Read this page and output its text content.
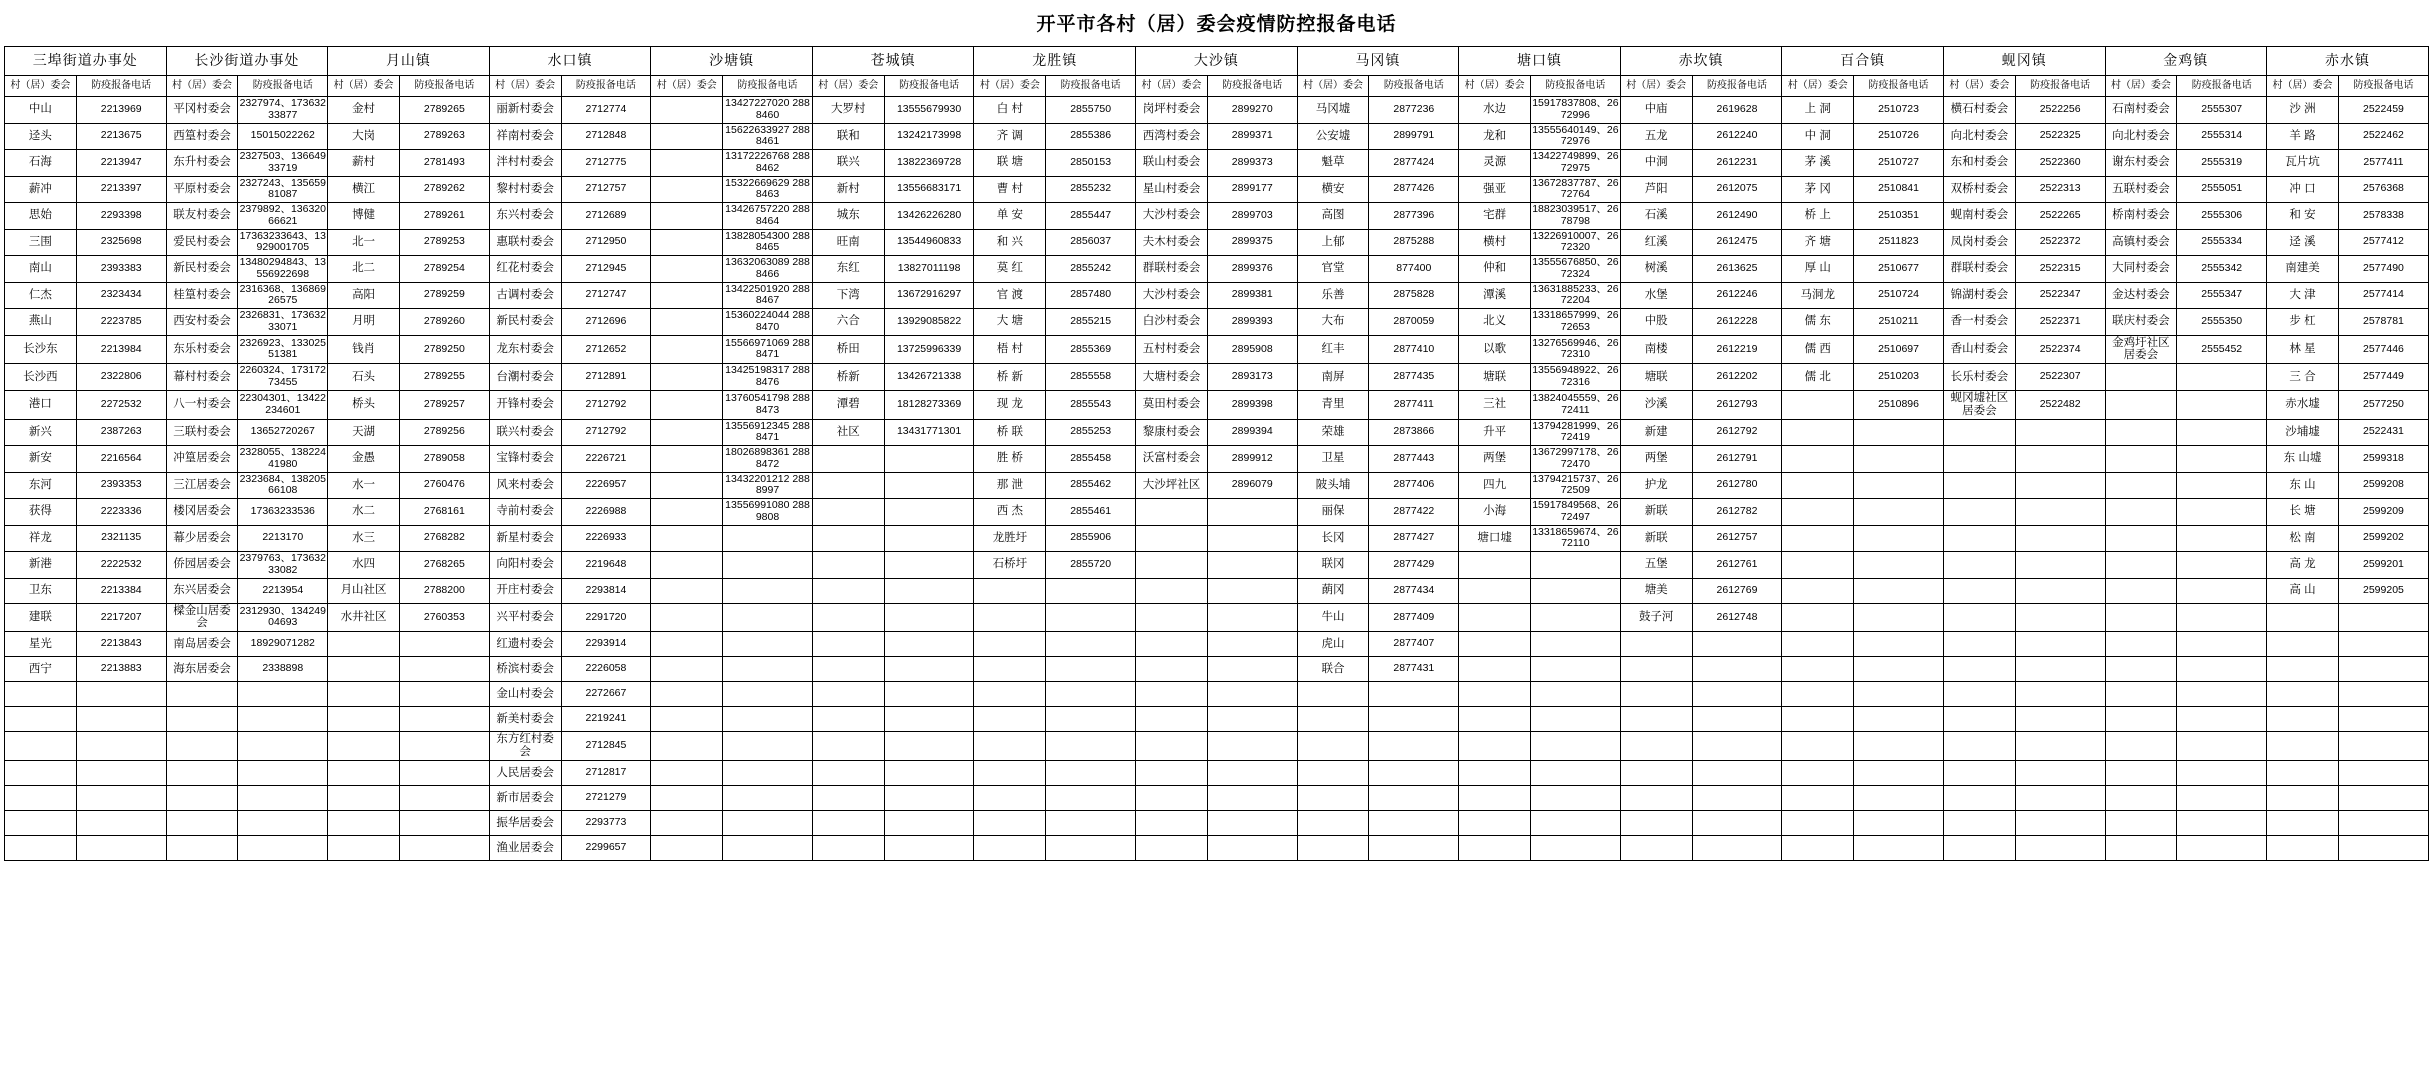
开平市各村（居）委会疫情防控报备电话
三埠街道办事处		长沙街道办事处		月山镇		水口镇		沙塘镇		苍城镇		龙胜镇		大沙镇		马冈镇		塘口镇		赤坎镇		百合镇		蚬冈镇		金鸡镇		赤水镇	
村（居）委会	防疫报备电话	村（居）委会	防疫报备电话	村（居）委会	防疫报备电话	村（居）委会	防疫报备电话	村（居）委会	防疫报备电话	村（居）委会	防疫报备电话	村（居）委会	防疫报备电话	村（居）委会	防疫报备电话	村（居）委会	防疫报备电话	村（居）委会	防疫报备电话	村（居）委会	防疫报备电话	村（居）委会	防疫报备电话	村（居）委会	防疫报备电话	村（居）委会	防疫报备电话	村（居）委会	防疫报备电话
中山	2213969	平冈村委会	2327974、17363233877	金村	2789265	丽新村委会	2712774		13427227020 2888460	大罗村	13555679930	白 村	2855750	岗坪村委会	2899270	马冈墟	2877236	水边	15917837808、2672996	中庙	2619628	上 洞	2510723	横石村委会	2522256	石南村委会	2555307	沙 洲	2522459
迳头	2213675	西篁村委会	15015022262	大岗	2789263	祥南村委会	2712848		15622633927 2888461	联和	13242173998	齐 调	2855386	西湾村委会	2899371	公安墟	2899791	龙和	13555640149、2672976	五龙	2612240	中 洞	2510726	向北村委会	2522325	向北村委会	2555314	羊 路	2522462
石海	2213947	东升村委会	2327503、13664933719	薪村	2781493	泮村村委会	2712775		13172226768 2888462	联兴	13822369728	联 塘	2850153	联山村委会	2899373	魁草	2877424	灵源	13422749899、2672975	中洞	2612231	茅 溪	2510727	东和村委会	2522360	谢东村委会	2555319	瓦片坑	2577411
薪冲	2213397	平原村委会	2327243、13565981087	横江	2789262	黎村村委会	2712757		15322669629 2888463	新村	13556683171	曹 村	2855232	星山村委会	2899177	横安	2877426	强亚	13672837787、2672764	芦阳	2612075	茅 冈	2510841	双桥村委会	2522313	五联村委会	2555051	冲 口	2576368
思始	2293398	联友村委会	2379892、13632066621	博健	2789261	东兴村委会	2712689		13426757220 2888464	城东	13426226280	单 安	2855447	大沙村委会	2899703	高图	2877396	宅群	18823039517、2678798	石溪	2612490	桥 上	2510351	蚬南村委会	2522265	桥南村委会	2555306	和 安	2578338
三围	2325698	爱民村委会	17363233643、13929001705	北一	2789253	惠联村委会	2712950		13828054300 2888465	旺南	13544960833	和 兴	2856037	夫木村委会	2899375	上郁	2875288	横村	13226910007、2672320	红溪	2612475	齐 塘	2511823	凤岗村委会	2522372	高镇村委会	2555334	迳 溪	2577412
南山	2393383	新民村委会	13480294843、13556922698	北二	2789254	红花村委会	2712945		13632063089 2888466	东红	13827011198	莫 红	2855242	群联村委会	2899376	官堂	877400	仲和	13555676850、2672324	树溪	2613625	厚 山	2510677	群联村委会	2522315	大同村委会	2555342	南建美	2577490
仁杰	2323434	桂篁村委会	2316368、13686926575	高阳	2789259	古调村委会	2712747		13422501920 2888467	下湾	13672916297	官 渡	2857480	大沙村委会	2899381	乐善	2875828	潭溪	13631885233、2672204	水堡	2612246	马洞龙	2510724	锦湖村委会	2522347	金达村委会	2555347	大 津	2577414
燕山	2223785	西安村委会	2326831、17363233071	月明	2789260	新民村委会	2712696		15360224044 2888470	六合	13929085822	大 塘	2855215	白沙村委会	2899393	大布	2870059	北义	13318657999、2672653	中股	2612228	儒 东	2510211	香一村委会	2522371	联庆村委会	2555350	步 杠	2578781
长沙东	2213984	东乐村委会	2326923、13302551381	钱肖	2789250	龙东村委会	2712652		15566971069 2888471	桥田	13725996339	梧 村	2855369	五村村委会	2895908	红丰	2877410	以歌	13276569946、2672310	南楼	2612219	儒 西	2510697	香山村委会	2522374	金鸡圩社区居委会	2555452	林 星	2577446
长沙西	2322806	幕村村委会	2260324、17317273455	石头	2789255	台潮村委会	2712891		13425198317 2888476	桥新	13426721338	桥 新	2855558	大塘村委会	2893173	南屏	2877435	塘联	13556948922、2672316	塘联	2612202	儒 北	2510203	长乐村委会	2522307			三 合	2577449
港口	2272532	八一村委会	22304301、13422234601	桥头	2789257	开锋村委会	2712792		13760541798 2888473	潭碧	18128273369	现 龙	2855543	莫田村委会	2899398	青里	2877411	三社	13824045559、2672411	沙溪	2612793		2510896	蚬冈墟社区居委会	2522482			赤水墟	2577250
新兴	2387263	三联村委会	13652720267	天湖	2789256	联兴村委会	2712792		13556912345 2888471	社区	13431771301	桥 联	2855253	黎康村委会	2899394	荣雄	2873866	升平	13794281999、2672419	新建	2612792							沙埔墟	2522431
新安	2216564	冲篁居委会	2328055、13822441980	金愚	2789058	宝锋村委会	2226721		18026898361 2888472			胜 桥	2855458	沃富村委会	2899912	卫星	2877443	两堡	13672997178、2672470	两堡	2612791							东 山墟	2599318
东河	2393353	三江居委会	2323684、13820566108	水一	2760476	风来村委会	2226957		13432201212 2888997			那 泄	2855462	大沙坪社区	2896079	陂头埔	2877406	四九	13794215737、2672509	护龙	2612780							东 山	2599208
获得	2223336	楼冈居委会	17363233536	水二	2768161	寺前村委会	2226988		13556991080 2889808			西 杰	2855461			丽保	2877422	小海	15917849568、2672497	新联	2612782							长 塘	2599209
祥龙	2321135	幕少居委会	2213170	水三	2768282	新星村委会	2226933					龙胜圩	2855906			长冈	2877427	塘口墟	13318659674、2672110	新联	2612757							松 南	2599202
新港	2222532	侨园居委会	2379763、17363233082	水四	2768265	向阳村委会	2219648					石桥圩	2855720			联冈	2877429			五堡	2612761							高 龙	2599201
卫东	2213384	东兴居委会	2213954	月山社区	2788200	开庄村委会	2293814									蓢冈	2877434			塘美	2612769							高 山	2599205
建联	2217207	樑金山居委会	2312930、13424904693	水井社区	2760353	兴平村委会	2291720									牛山	2877409			鼓子河	2612748								
星光	2213843	南岛居委会	18929071282			红遗村委会	2293914									虎山	2877407												
西宁	2213883	海东居委会	2338898			桥滨村委会	2226058									联合	2877431												
						金山村委会	2272667																						
						新美村委会	2219241																						
						东方红村委会	2712845																						
						人民居委会	2712817																						
						新市居委会	2721279																						
						振华居委会	2293773																						
						渔业居委会	2299657																						
